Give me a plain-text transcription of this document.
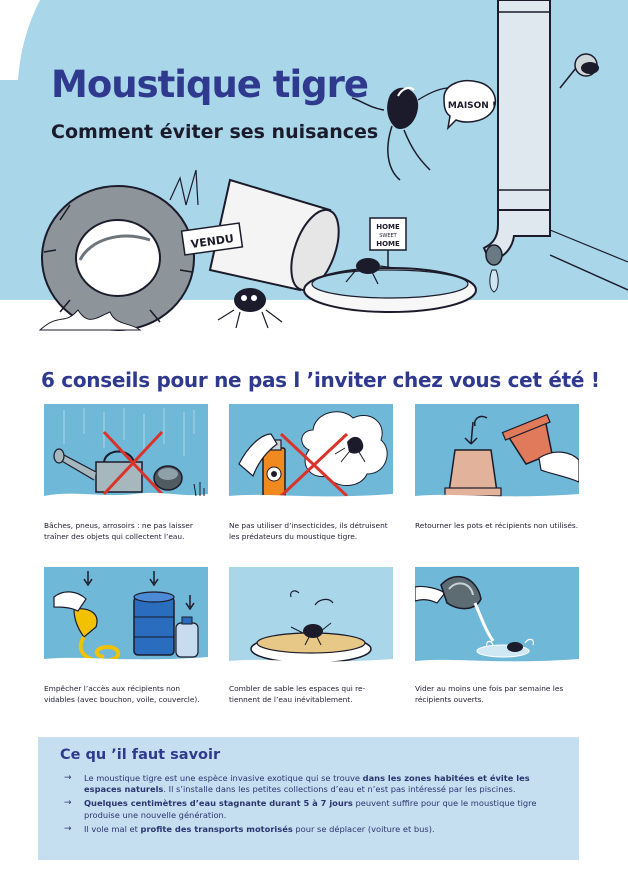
MAISON !
VENDU
HOME
SWEET
HOME
Moustique tigre
Comment éviter ses nuisances
6 conseils pour ne pas l ’inviter chez vous cet été !
Bâches, pneus, arrosoirs : ne pas laisser traîner des objets qui collectent l’eau.
Ne pas utiliser d’insecticides, ils détruisent les prédateurs du moustique tigre.
Retourner les pots et récipients non utilisés.
Empêcher l’accès aux récipients non vidables (avec bouchon, voile, couvercle).
Combler de sable les espaces qui re- tiennent de l’eau inévitablement.
Vider au moins une fois par semaine les récipients ouverts.
Ce qu ’il faut savoir
→ Le moustique tigre est une espèce invasive exotique qui se trouve dans les zones habitées et évite les espaces naturels. Il s’installe dans les petites collections d’eau et n’est pas intéressé par les piscines.
→ Quelques centimètres d’eau stagnante durant 5 à 7 jours peuvent suffire pour que le moustique tigre produise une nouvelle génération.
→ Il vole mal et profite des transports motorisés pour se déplacer (voiture et bus).
